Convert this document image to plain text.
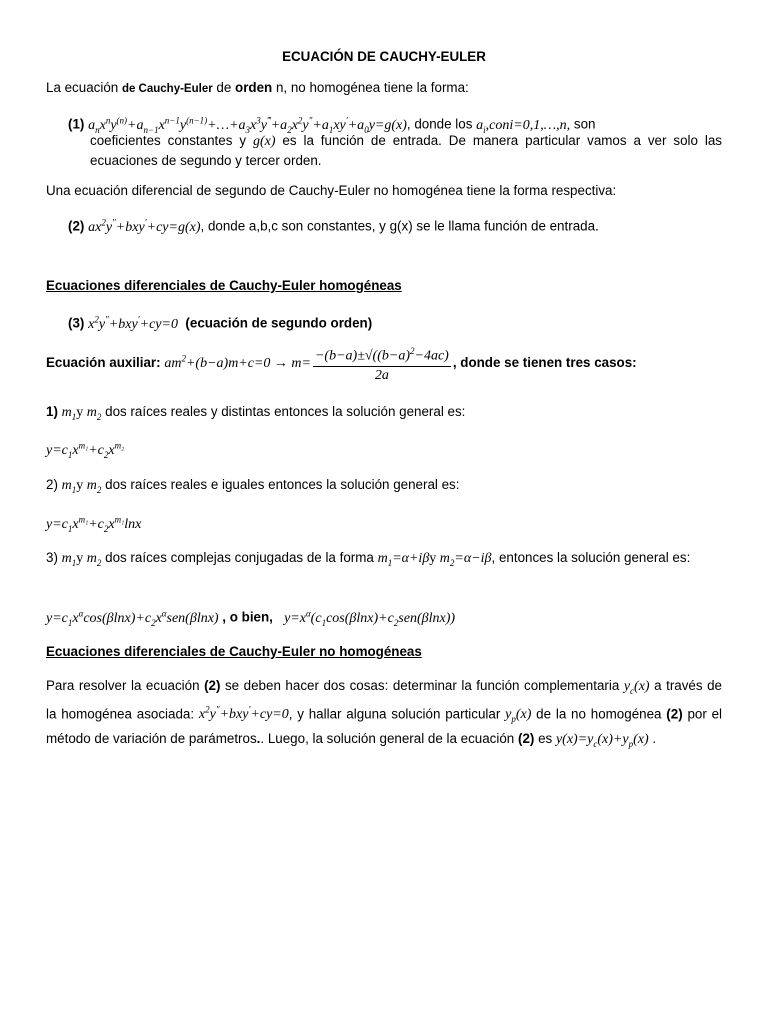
ECUACIÓN DE CAUCHY-EULER
La ecuación de Cauchy-Euler de orden n, no homogénea tiene la forma:
(1) $a_nx^ny^{(n)}+a_{n-1}x^{n-1}y^{(n-1)}+\dots+a_3x^3y^‴+a_2x^2y''+a_1xy'+a_0y=g(x)$, donde los $a_i,coni=0,1,\dots,n$, son
coeficientes constantes y g(x) es la función de entrada. De manera particular vamos a ver solo las ecuaciones de segundo y tercer orden.
Una ecuación diferencial de segundo de Cauchy-Euler no homogénea tiene la forma respectiva:
(2) $ax^2y''+bxy'+cy=g(x)$, donde a,b,c son constantes, y g(x) se le llama función de entrada.
Ecuaciones diferenciales de Cauchy-Euler homogéneas
(3) $x^2y''+bxy'+cy=0$ (ecuación de segundo orden)
Ecuación auxiliar: $am^2+(b-a)m+c=0 \to m= \frac{-(b-a)\pm√((b-a)^2-4ac)}{2a}$ , donde se tienen tres casos:
1) $m_1y$ $m_2$ dos raíces reales y distintas entonces la solución general es:
$y=c_1x^{m_1}+c_2x^{m_2}$
2) $m_1y$ $m_2$ dos raíces reales e iguales entonces la solución general es:
$y=c_1x^{m_1}+c_2x^{m_1}\ln x$
3) $m_1y$ $m_2$ dos raíces complejas conjugadas de la forma $m_1=\alpha+i\beta y$ $m_2=\alpha-i\beta$, entonces la solución general es:
$y=c_1x^\alpha\cos(\beta\ln x)+c_2x^\alpha sen(\beta\ln x)$ , o bien, $y=x^\alpha(c_1\cos(\beta\ln x)+c_2sen(\beta\ln x))$
Ecuaciones diferenciales de Cauchy-Euler no homogéneas
Para resolver la ecuación (2) se deben hacer dos cosas: determinar la función complementaria $y_c(x)$ a través de la homogénea asociada: $x^2y''+bxy'+cy=0$, y hallar alguna solución particular $y_p(x)$ de la no homogénea (2) por el método de variación de parámetros.. Luego, la solución general de la ecuación (2) es $y(x)=y_c(x)+y_p(x)$ .
